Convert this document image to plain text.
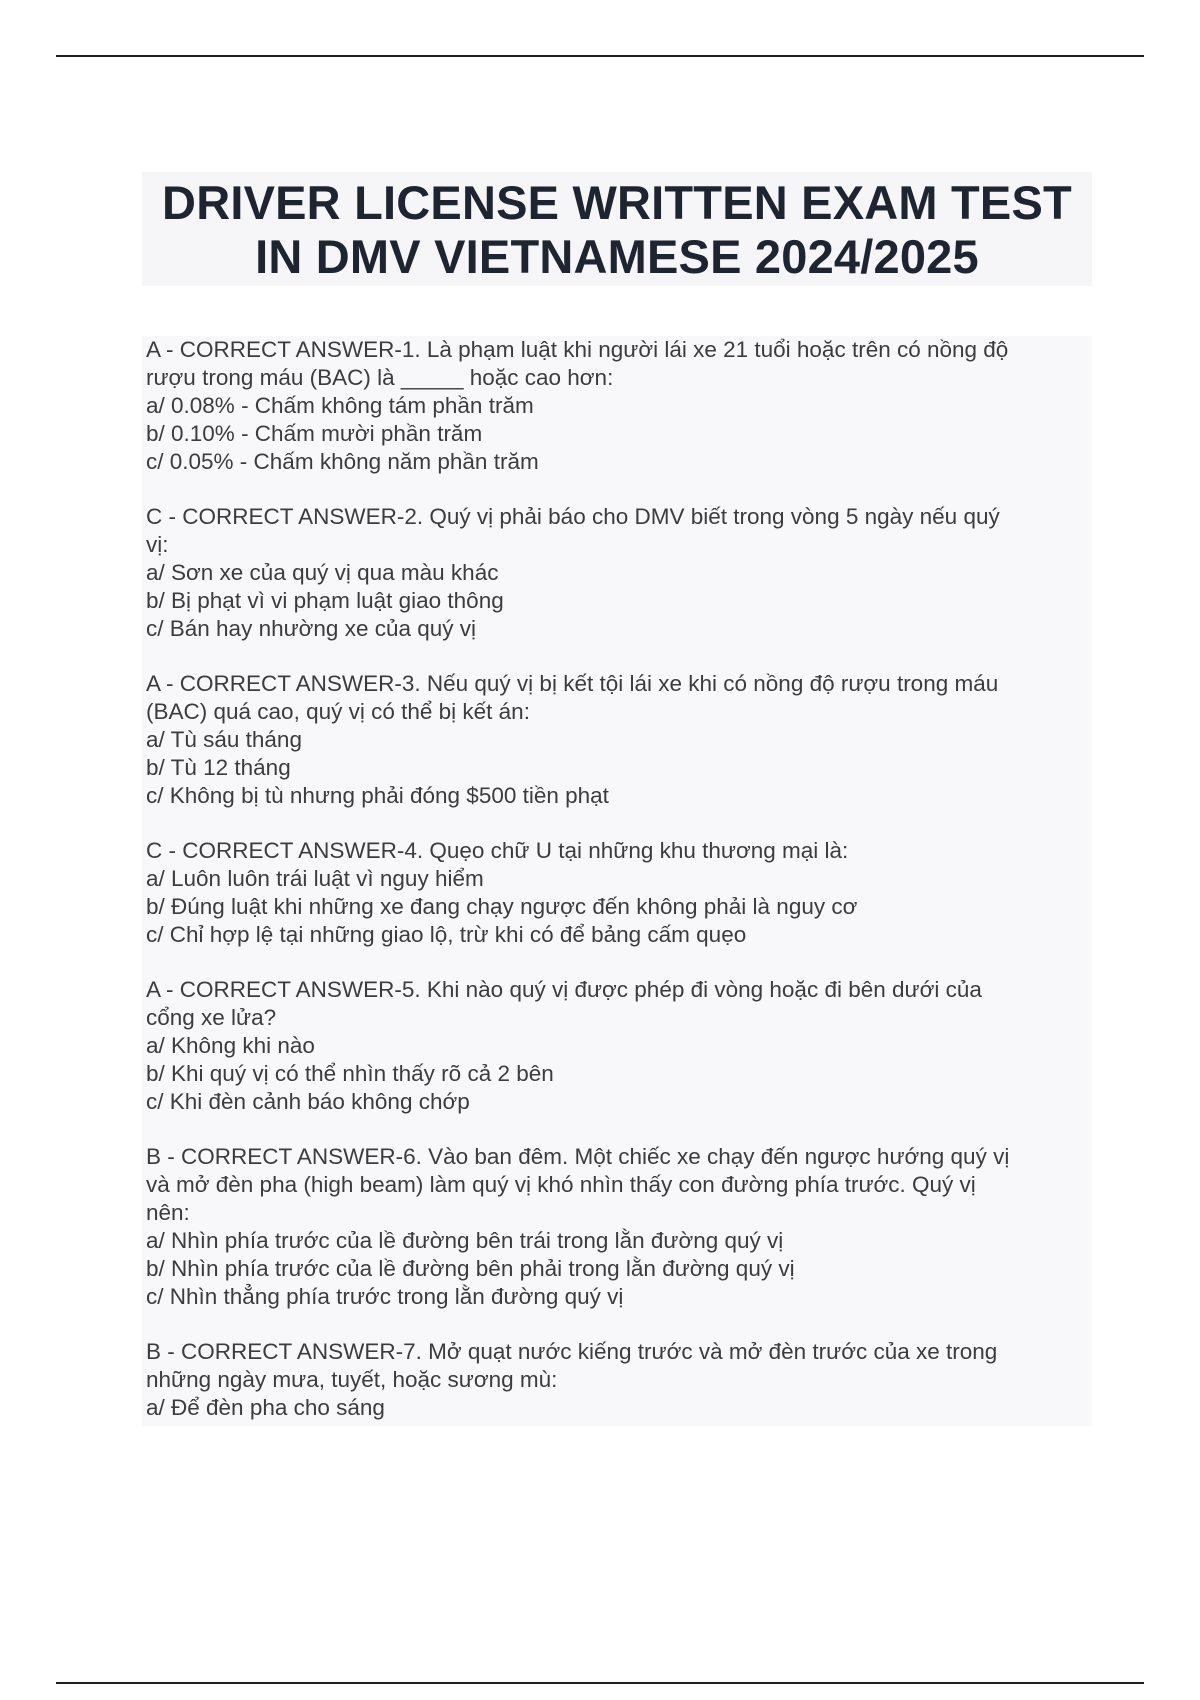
DRIVER LICENSE WRITTEN EXAM TEST
IN DMV VIETNAMESE 2024/2025
A - CORRECT ANSWER-1. Là phạm luật khi người lái xe 21 tuổi hoặc trên có nồng độ
rượu trong máu (BAC) là _____ hoặc cao hơn:
a/ 0.08% - Chấm không tám phần trăm
b/ 0.10% - Chấm mười phần trăm
c/ 0.05% - Chấm không năm phần trăm
C - CORRECT ANSWER-2. Quý vị phải báo cho DMV biết trong vòng 5 ngày nếu quý
vị:
a/ Sơn xe của quý vị qua màu khác
b/ Bị phạt vì vi phạm luật giao thông
c/ Bán hay nhường xe của quý vị
A - CORRECT ANSWER-3. Nếu quý vị bị kết tội lái xe khi có nồng độ rượu trong máu
(BAC) quá cao, quý vị có thể bị kết án:
a/ Tù sáu tháng
b/ Tù 12 tháng
c/ Không bị tù nhưng phải đóng $500 tiền phạt
C - CORRECT ANSWER-4. Quẹo chữ U tại những khu thương mại là:
a/ Luôn luôn trái luật vì nguy hiểm
b/ Đúng luật khi những xe đang chạy ngược đến không phải là nguy cơ
c/ Chỉ hợp lệ tại những giao lộ, trừ khi có để bảng cấm quẹo
A - CORRECT ANSWER-5. Khi nào quý vị được phép đi vòng hoặc đi bên dưới của
cổng xe lửa?
a/ Không khi nào
b/ Khi quý vị có thể nhìn thấy rõ cả 2 bên
c/ Khi đèn cảnh báo không chớp
B - CORRECT ANSWER-6. Vào ban đêm. Một chiếc xe chạy đến ngược hướng quý vị
và mở đèn pha (high beam) làm quý vị khó nhìn thấy con đường phía trước. Quý vị
nên:
a/ Nhìn phía trước của lề đường bên trái trong lằn đường quý vị
b/ Nhìn phía trước của lề đường bên phải trong lằn đường quý vị
c/ Nhìn thẳng phía trước trong lằn đường quý vị
B - CORRECT ANSWER-7. Mở quạt nước kiếng trước và mở đèn trước của xe trong
những ngày mưa, tuyết, hoặc sương mù:
a/ Để đèn pha cho sáng
